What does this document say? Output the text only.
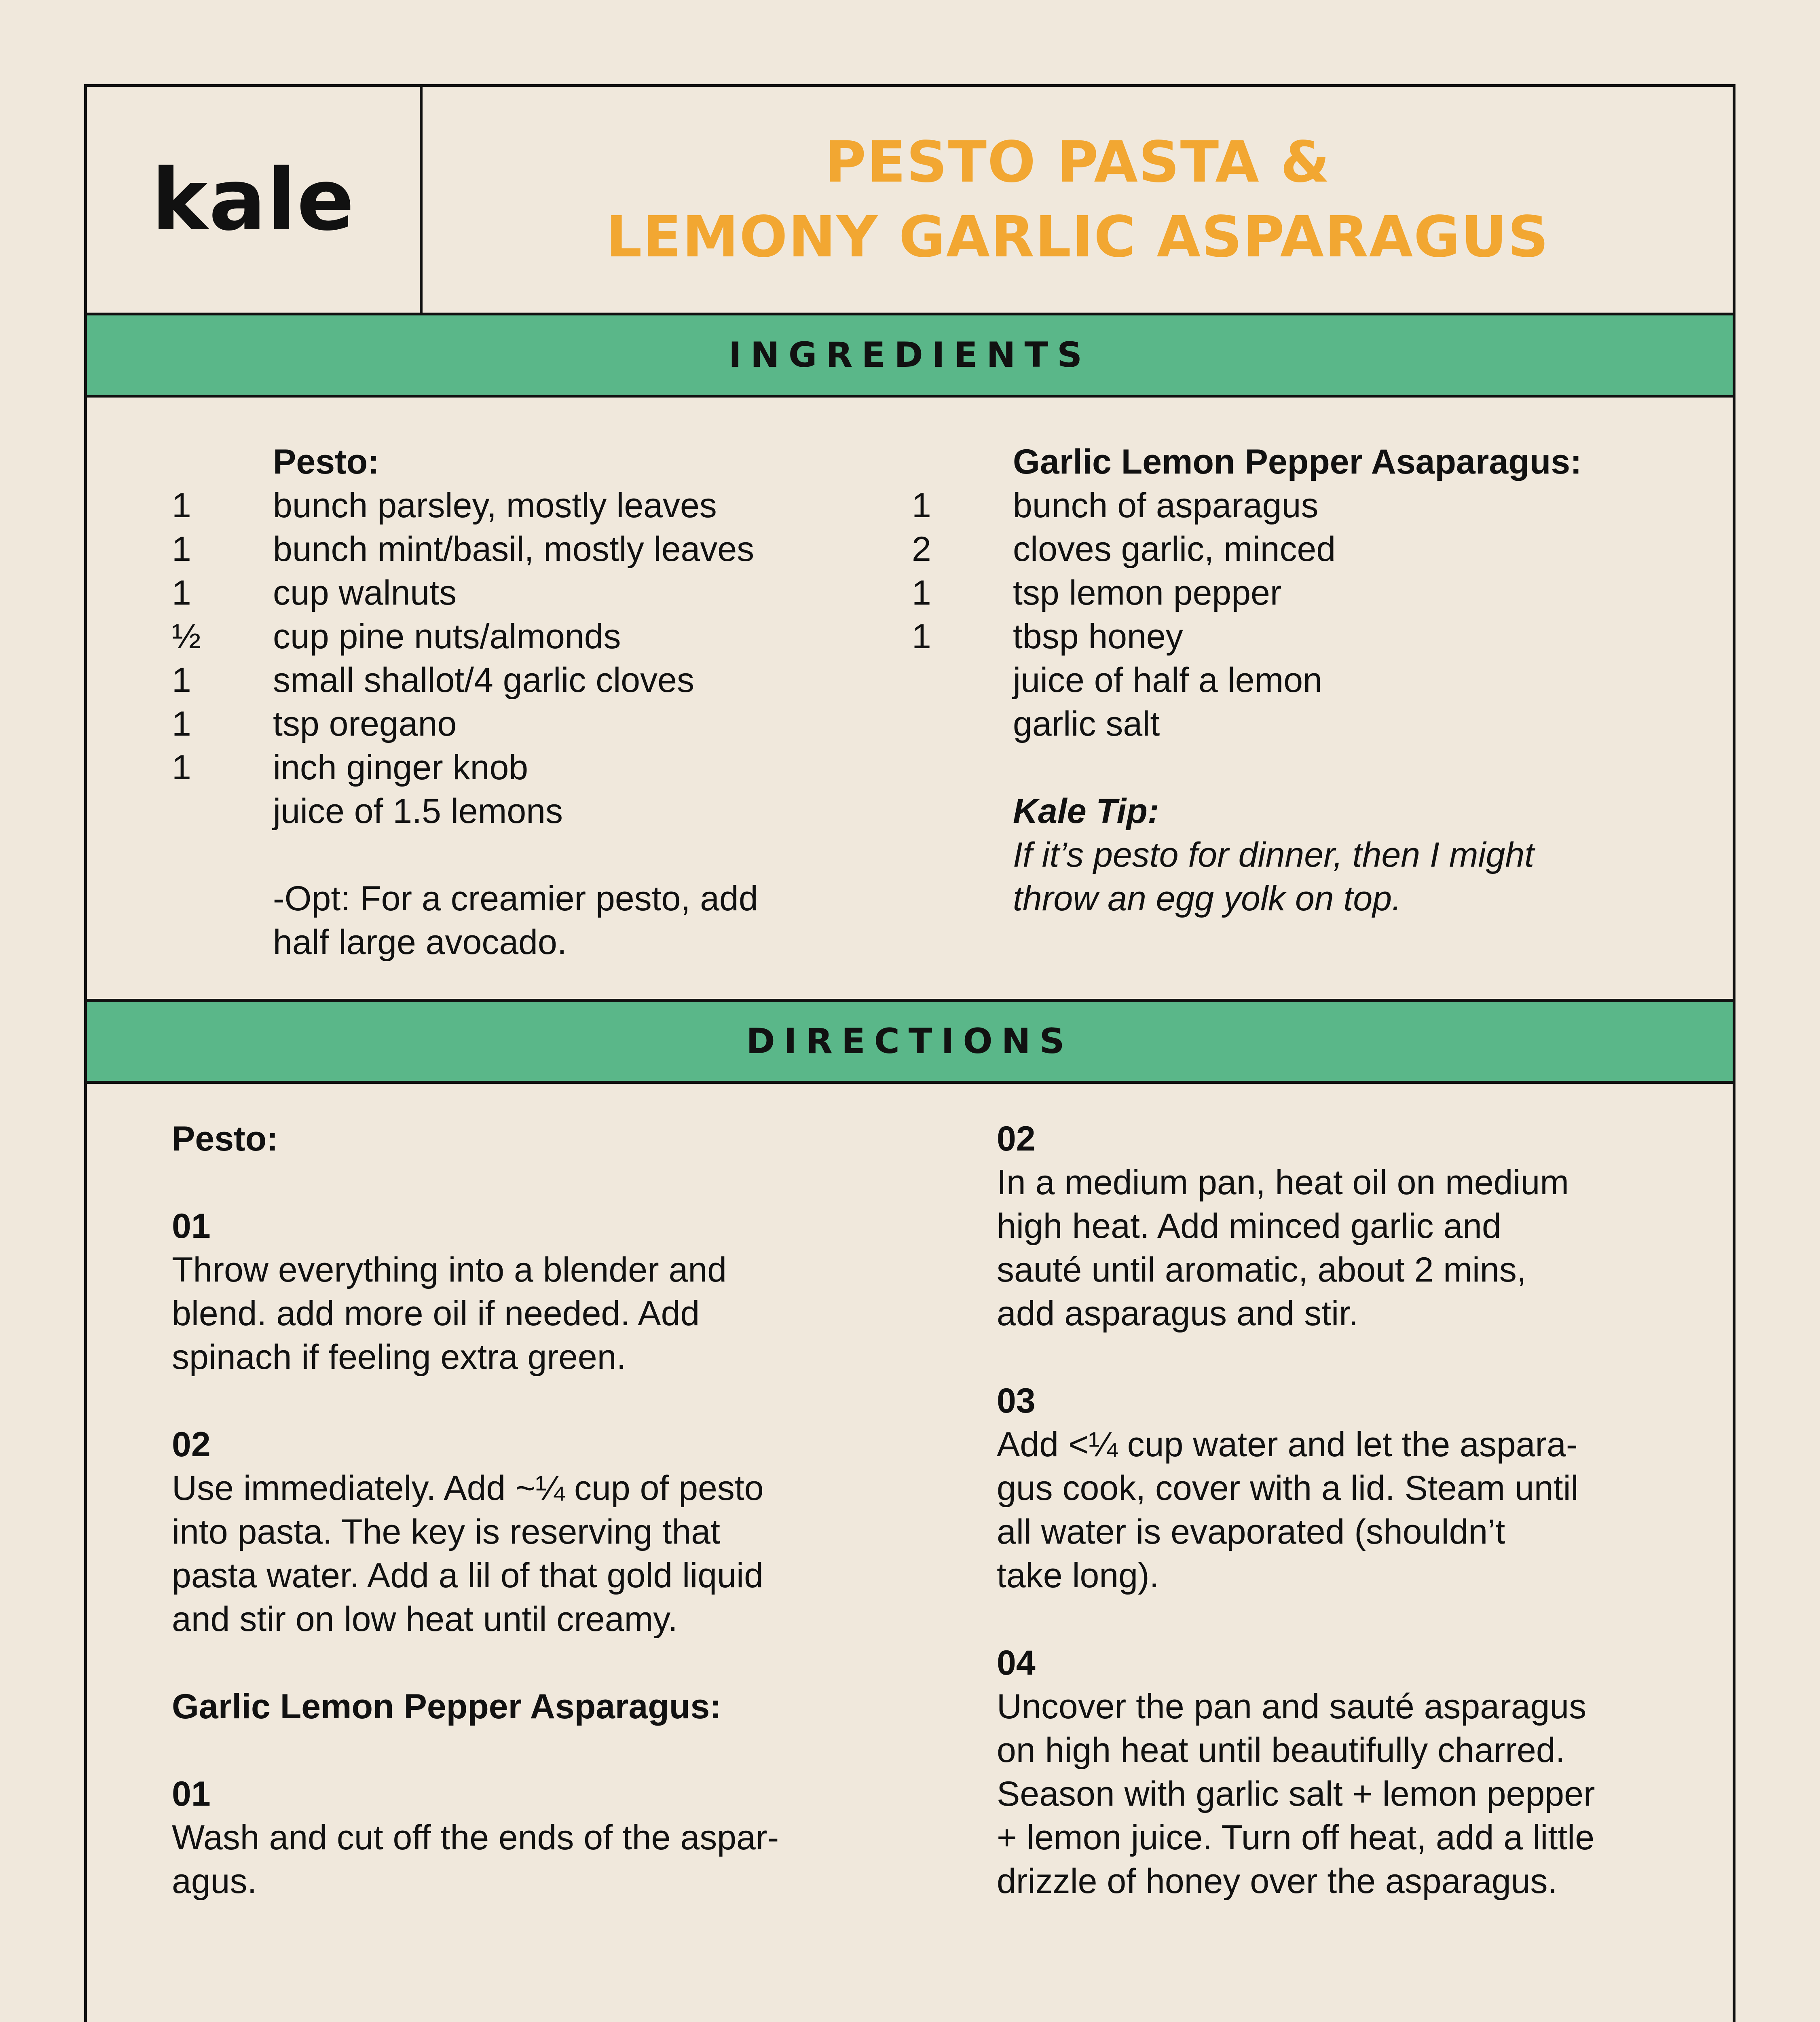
kale	PESTO PASTA &
LEMONY GARLIC ASPARAGUS
INGREDIENTS
Pesto:
1	bunch parsley, mostly leaves
1	bunch mint/basil, mostly leaves
1	cup walnuts
½	cup pine nuts/almonds
1	small shallot/4 garlic cloves
1	tsp oregano
1	inch ginger knob
juice of 1.5 lemons
-Opt: For a creamier pesto, add
half large avocado.
Garlic Lemon Pepper Asaparagus:
1	bunch of asparagus
2	cloves garlic, minced
1	tsp lemon pepper
1	tbsp honey
juice of half a lemon
garlic salt
Kale Tip:
If it’s pesto for dinner, then I might
throw an egg yolk on top.
DIRECTIONS
Pesto:
01
Throw everything into a blender and
blend. add more oil if needed. Add
spinach if feeling extra green.
02
Use immediately. Add ~¼ cup of pesto
into pasta. The key is reserving that
pasta water. Add a lil of that gold liquid
and stir on low heat until creamy.
Garlic Lemon Pepper Asparagus:
01
Wash and cut off the ends of the aspar-
agus.
02
In a medium pan, heat oil on medium
high heat. Add minced garlic and
sauté until aromatic, about 2 mins,
add asparagus and stir.
03
Add <¼ cup water and let the aspara-
gus cook, cover with a lid. Steam until
all water is evaporated (shouldn’t
take long).
04
Uncover the pan and sauté asparagus
on high heat until beautifully charred.
Season with garlic salt + lemon pepper
+ lemon juice. Turn off heat, add a little
drizzle of honey over the asparagus.
